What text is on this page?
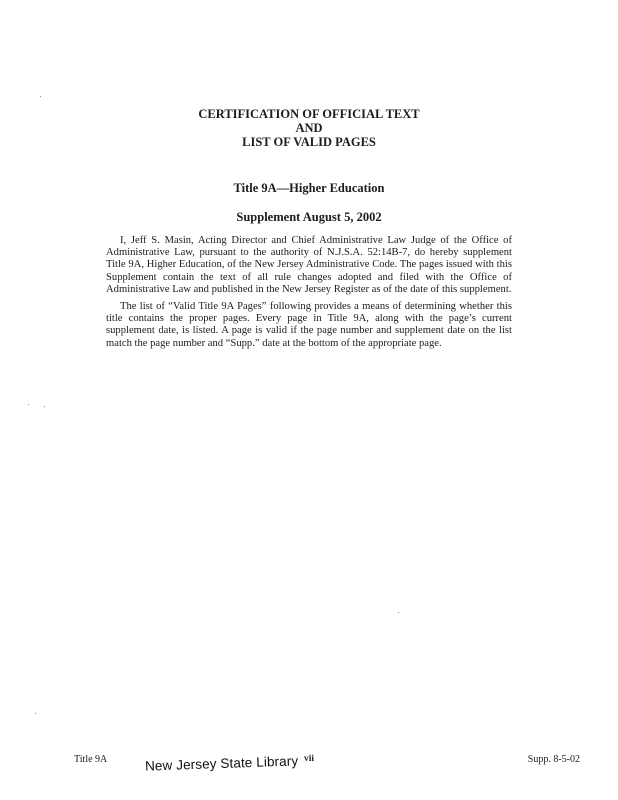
CERTIFICATION OF OFFICIAL TEXT
AND
LIST OF VALID PAGES
Title 9A—Higher Education
Supplement August 5, 2002

I, Jeff S. Masin, Acting Director and Chief Administrative Law Judge of the Office of Administrative Law, pursuant to the authority of N.J.S.A. 52:14B-7, do hereby supplement Title 9A, Higher Education, of the New Jersey Administrative Code. The pages issued with this Supplement contain the text of all rule changes adopted and filed with the Office of Administrative Law and published in the New Jersey Register as of the date of this supplement.

The list of “Valid Title 9A Pages” following provides a means of determining whether this title contains the proper pages. Every page in Title 9A, along with the page’s current supplement date, is listed. A page is valid if the page number and supplement date on the list match the page number and “Supp.” date at the bottom of the appropriate page.

Title 9A	vii	Supp. 8-5-02
New Jersey State Library
